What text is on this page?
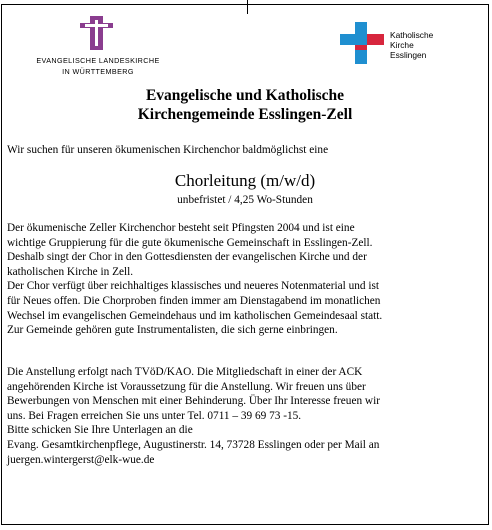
EVANGELISCHE LANDESKIRCHE
IN WÜRTTEMBERG
Katholische
Kirche
Esslingen
Evangelische und Katholische
Kirchengemeinde Esslingen-Zell
Wir suchen für unseren ökumenischen Kirchenchor baldmöglichst eine
Chorleitung (m/w/d)
unbefristet / 4,25 Wo-Stunden
Der ökumenische Zeller Kirchenchor besteht seit Pfingsten 2004 und ist eine
wichtige Gruppierung für die gute ökumenische Gemeinschaft in Esslingen-Zell.
Deshalb singt der Chor in den Gottesdiensten der evangelischen Kirche und der
katholischen Kirche in Zell.
Der Chor verfügt über reichhaltiges klassisches und neueres Notenmaterial und ist
für Neues offen. Die Chorproben finden immer am Dienstagabend im monatlichen
Wechsel im evangelischen Gemeindehaus und im katholischen Gemeindesaal statt.
Zur Gemeinde gehören gute Instrumentalisten, die sich gerne einbringen.
Die Anstellung erfolgt nach TVöD/KAO. Die Mitgliedschaft in einer der ACK
angehörenden Kirche ist Voraussetzung für die Anstellung. Wir freuen uns über
Bewerbungen von Menschen mit einer Behinderung. Über Ihr Interesse freuen wir
uns. Bei Fragen erreichen Sie uns unter Tel. 0711 – 39 69 73 -15.
Bitte schicken Sie Ihre Unterlagen an die
Evang. Gesamtkirchenpflege, Augustinerstr. 14, 73728 Esslingen oder per Mail an
juergen.wintergerst@elk-wue.de
